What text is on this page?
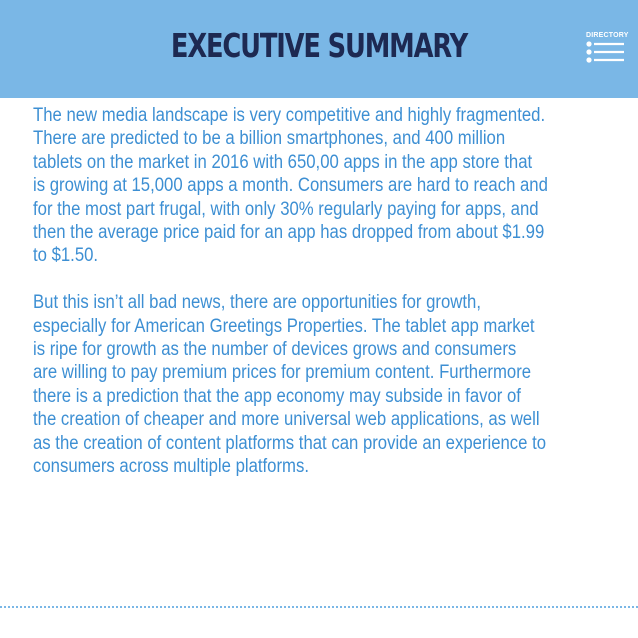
EXECUTIVE SUMMARY	DIRECTORY

The new media landscape is very competitive and highly fragmented.
There are predicted to be a billion smartphones, and 400 million
tablets on the market in 2016 with 650,00 apps in the app store that
is growing at 15,000 apps a month. Consumers are hard to reach and
for the most part frugal, with only 30% regularly paying for apps, and
then the average price paid for an app has dropped from about $1.99
to $1.50.

But this isn’t all bad news, there are opportunities for growth,
especially for American Greetings Properties. The tablet app market
is ripe for growth as the number of devices grows and consumers
are willing to pay premium prices for premium content. Furthermore
there is a prediction that the app economy may subside in favor of
the creation of cheaper and more universal web applications, as well
as the creation of content platforms that can provide an experience to
consumers across multiple platforms.
